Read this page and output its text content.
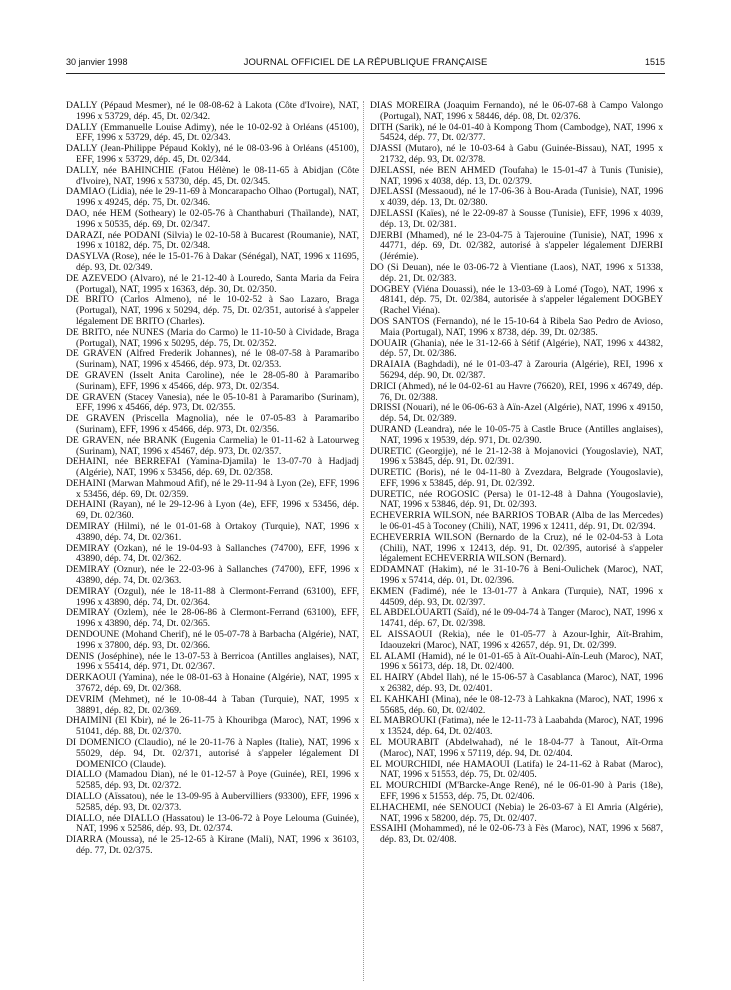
30 janvier 1998	JOURNAL OFFICIEL DE LA RÉPUBLIQUE FRANÇAISE	1515

DALLY (Pépaud Mesmer), né le 08-08-62 à Lakota (Côte d'Ivoire), NAT, 1996 x 53729, dép. 45, Dt. 02/342.

DALLY (Emmanuelle Louise Adimy), née le 10-02-92 à Orléans (45100), EFF, 1996 x 53729, dép. 45, Dt. 02/343.

DALLY (Jean-Philippe Pépaud Kokly), né le 08-03-96 à Orléans (45100), EFF, 1996 x 53729, dép. 45, Dt. 02/344.

DALLY, née BAHINCHIE (Fatou Hélène) le 08-11-65 à Abidjan (Côte d'Ivoire), NAT, 1996 x 53730, dép. 45, Dt. 02/345.

DAMIAO (Lidia), née le 29-11-69 à Moncarapacho Olhao (Portugal), NAT, 1996 x 49245, dép. 75, Dt. 02/346.

DAO, née HEM (Sotheary) le 02-05-76 à Chanthaburi (Thaïlande), NAT, 1996 x 50535, dép. 69, Dt. 02/347.

DARAZI, née PODANI (Silvia) le 02-10-58 à Bucarest (Roumanie), NAT, 1996 x 10182, dép. 75, Dt. 02/348.

DASYLVA (Rose), née le 15-01-76 à Dakar (Sénégal), NAT, 1996 x 11695, dép. 93, Dt. 02/349.

DE AZEVEDO (Alvaro), né le 21-12-40 à Louredo, Santa Maria da Feira (Portugal), NAT, 1995 x 16363, dép. 30, Dt. 02/350.

DE BRITO (Carlos Almeno), né le 10-02-52 à Sao Lazaro, Braga (Portugal), NAT, 1996 x 50294, dép. 75, Dt. 02/351, autorisé à s'appeler légalement DE BRITO (Charles).

DE BRITO, née NUNES (Maria do Carmo) le 11-10-50 à Cividade, Braga (Portugal), NAT, 1996 x 50295, dép. 75, Dt. 02/352.

DE GRAVEN (Alfred Frederik Johannes), né le 08-07-58 à Paramaribo (Surinam), NAT, 1996 x 45466, dép. 973, Dt. 02/353.

DE GRAVEN (Isselt Anita Caroline), née le 28-05-80 à Paramaribo (Surinam), EFF, 1996 x 45466, dép. 973, Dt. 02/354.

DE GRAVEN (Stacey Vanesia), née le 05-10-81 à Paramaribo (Surinam), EFF, 1996 x 45466, dép. 973, Dt. 02/355.

DE GRAVEN (Priscella Magnolia), née le 07-05-83 à Paramaribo (Surinam), EFF, 1996 x 45466, dép. 973, Dt. 02/356.

DE GRAVEN, née BRANK (Eugenia Carmelia) le 01-11-62 à Latourweg (Surinam), NAT, 1996 x 45467, dép. 973, Dt. 02/357.

DEHAINI, née BERREFAI (Yamina-Djamila) le 13-07-70 à Hadjadj (Algérie), NAT, 1996 x 53456, dép. 69, Dt. 02/358.

DEHAINI (Marwan Mahmoud Afif), né le 29-11-94 à Lyon (2e), EFF, 1996 x 53456, dép. 69, Dt. 02/359.

DEHAINI (Rayan), né le 29-12-96 à Lyon (4e), EFF, 1996 x 53456, dép. 69, Dt. 02/360.

DEMIRAY (Hilmi), né le 01-01-68 à Ortakoy (Turquie), NAT, 1996 x 43890, dép. 74, Dt. 02/361.

DEMIRAY (Ozkan), né le 19-04-93 à Sallanches (74700), EFF, 1996 x 43890, dép. 74, Dt. 02/362.

DEMIRAY (Oznur), née le 22-03-96 à Sallanches (74700), EFF, 1996 x 43890, dép. 74, Dt. 02/363.

DEMIRAY (Ozgul), née le 18-11-88 à Clermont-Ferrand (63100), EFF, 1996 x 43890, dép. 74, Dt. 02/364.

DEMIRAY (Ozlem), née le 28-06-86 à Clermont-Ferrand (63100), EFF, 1996 x 43890, dép. 74, Dt. 02/365.

DENDOUNE (Mohand Cherif), né le 05-07-78 à Barbacha (Algérie), NAT, 1996 x 37800, dép. 93, Dt. 02/366.

DENIS (Joséphine), née le 13-07-53 à Berricoa (Antilles anglaises), NAT, 1996 x 55414, dép. 971, Dt. 02/367.

DERKAOUI (Yamina), née le 08-01-63 à Honaine (Algérie), NAT, 1995 x 37672, dép. 69, Dt. 02/368.

DEVRIM (Mehmet), né le 10-08-44 à Taban (Turquie), NAT, 1995 x 38891, dép. 82, Dt. 02/369.

DHAIMINI (El Kbir), né le 26-11-75 à Khouribga (Maroc), NAT, 1996 x 51041, dép. 88, Dt. 02/370.

DI DOMENICO (Claudio), né le 20-11-76 à Naples (Italie), NAT, 1996 x 55029, dép. 94, Dt. 02/371, autorisé à s'appeler légalement DI DOMENICO (Claude).

DIALLO (Mamadou Dian), né le 01-12-57 à Poye (Guinée), REI, 1996 x 52585, dép. 93, Dt. 02/372.

DIALLO (Aïssatou), née le 13-09-95 à Aubervilliers (93300), EFF, 1996 x 52585, dép. 93, Dt. 02/373.

DIALLO, née DIALLO (Hassatou) le 13-06-72 à Poye Leloumа (Guinée), NAT, 1996 x 52586, dép. 93, Dt. 02/374.

DIARRA (Moussa), né le 25-12-65 à Kirane (Mali), NAT, 1996 x 36103, dép. 77, Dt. 02/375.

DIAS MOREIRA (Joaquim Fernando), né le 06-07-68 à Campo Valongo (Portugal), NAT, 1996 x 58446, dép. 08, Dt. 02/376.

DITH (Sarik), né le 04-01-40 à Kompong Thom (Cambodge), NAT, 1996 x 54524, dép. 77, Dt. 02/377.

DJASSI (Mutaro), né le 10-03-64 à Gabu (Guinée-Bissau), NAT, 1995 x 21732, dép. 93, Dt. 02/378.

DJELASSI, née BEN AHMED (Toufaha) le 15-01-47 à Tunis (Tunisie), NAT, 1996 x 4038, dép. 13, Dt. 02/379.

DJELASSI (Messaoud), né le 17-06-36 à Bou-Arada (Tunisie), NAT, 1996 x 4039, dép. 13, Dt. 02/380.

DJELASSI (Kaïes), né le 22-09-87 à Sousse (Tunisie), EFF, 1996 x 4039, dép. 13, Dt. 02/381.

DJERBI (Mhamed), né le 23-04-75 à Tajerouine (Tunisie), NAT, 1996 x 44771, dép. 69, Dt. 02/382, autorisé à s'appeler légalement DJERBI (Jérémie).

DO (Si Deuan), née le 03-06-72 à Vientiane (Laos), NAT, 1996 x 51338, dép. 21, Dt. 02/383.

DOGBEY (Viéna Douassi), née le 13-03-69 à Lomé (Togo), NAT, 1996 x 48141, dép. 75, Dt. 02/384, autorisée à s'appeler légalement DOGBEY (Rachel Viéna).

DOS SANTOS (Fernando), né le 15-10-64 à Ribela Sao Pedro de Aviosо, Maia (Portugal), NAT, 1996 x 8738, dép. 39, Dt. 02/385.

DOUAIR (Ghania), née le 31-12-66 à Sétif (Algérie), NAT, 1996 x 44382, dép. 57, Dt. 02/386.

DRAIAIA (Baghdadi), né le 01-03-47 à Zarouria (Algérie), REI, 1996 x 56294, dép. 90, Dt. 02/387.

DRICI (Ahmed), né le 04-02-61 au Havre (76620), REI, 1996 x 46749, dép. 76, Dt. 02/388.

DRISSI (Nouari), né le 06-06-63 à Aïn-Azel (Algérie), NAT, 1996 x 49150, dép. 54, Dt. 02/389.

DURAND (Leandra), née le 10-05-75 à Castle Bruce (Antilles anglaises), NAT, 1996 x 19539, dép. 971, Dt. 02/390.

DURETIC (Georgije), né le 21-12-38 à Mojanovici (Yougoslavie), NAT, 1996 x 53845, dép. 91, Dt. 02/391.

DURETIC (Boris), né le 04-11-80 à Zvezdara, Belgrade (Yougoslavie), EFF, 1996 x 53845, dép. 91, Dt. 02/392.

DURETIC, née ROGOSIC (Persa) le 01-12-48 à Dahna (Yougoslavie), NAT, 1996 x 53846, dép. 91, Dt. 02/393.

ECHEVERRIA WILSON, née BARRIOS TOBAR (Alba de las Mercedes) le 06-01-45 à Toconey (Chili), NAT, 1996 x 12411, dép. 91, Dt. 02/394.

ECHEVERRIA WILSON (Bernardo de la Cruz), né le 02-04-53 à Lota (Chili), NAT, 1996 x 12413, dép. 91, Dt. 02/395, autorisé à s'appeler légalement ECHEVERRIA WILSON (Bernard).

EDDAMNAT (Hakim), né le 31-10-76 à Beni-Oulichek (Maroc), NAT, 1996 x 57414, dép. 01, Dt. 02/396.

EKMEN (Fadimé), née le 13-01-77 à Ankara (Turquie), NAT, 1996 x 44509, dép. 93, Dt. 02/397.

EL ABDELOUARTI (Saïd), né le 09-04-74 à Tanger (Maroc), NAT, 1996 x 14741, dép. 67, Dt. 02/398.

EL AISSAOUI (Rekia), née le 01-05-77 à Azour-Ighir, Aït-Brahim, Idaouzekri (Maroc), NAT, 1996 x 42657, dép. 91, Dt. 02/399.

EL ALAMI (Hamid), né le 01-01-65 à Aït-Ouahi-Aïn-Leuh (Maroc), NAT, 1996 x 56173, dép. 18, Dt. 02/400.

EL HAIRY (Abdel Ilah), né le 15-06-57 à Casablanca (Maroc), NAT, 1996 x 26382, dép. 93, Dt. 02/401.

EL KAHKAHI (Mina), née le 08-12-73 à Lahkakna (Maroc), NAT, 1996 x 55685, dép. 60, Dt. 02/402.

EL MABROUKI (Fatima), née le 12-11-73 à Laabahda (Maroc), NAT, 1996 x 13524, dép. 64, Dt. 02/403.

EL MOURABIT (Abdelwahad), né le 18-04-77 à Tanout, Aït-Orma (Maroc), NAT, 1996 x 57119, dép. 94, Dt. 02/404.

EL MOURCHIDI, née HAMAOUI (Latifa) le 24-11-62 à Rabat (Maroc), NAT, 1996 x 51553, dép. 75, Dt. 02/405.

EL MOURCHIDI (M'Barcke-Ange René), né le 06-01-90 à Paris (18e), EFF, 1996 x 51553, dép. 75, Dt. 02/406.

ELHACHEMI, née SENOUCI (Nebia) le 26-03-67 à El Amria (Algérie), NAT, 1996 x 58200, dép. 75, Dt. 02/407.

ESSAIHI (Mohammed), né le 02-06-73 à Fès (Maroc), NAT, 1996 x 5687, dép. 83, Dt. 02/408.
